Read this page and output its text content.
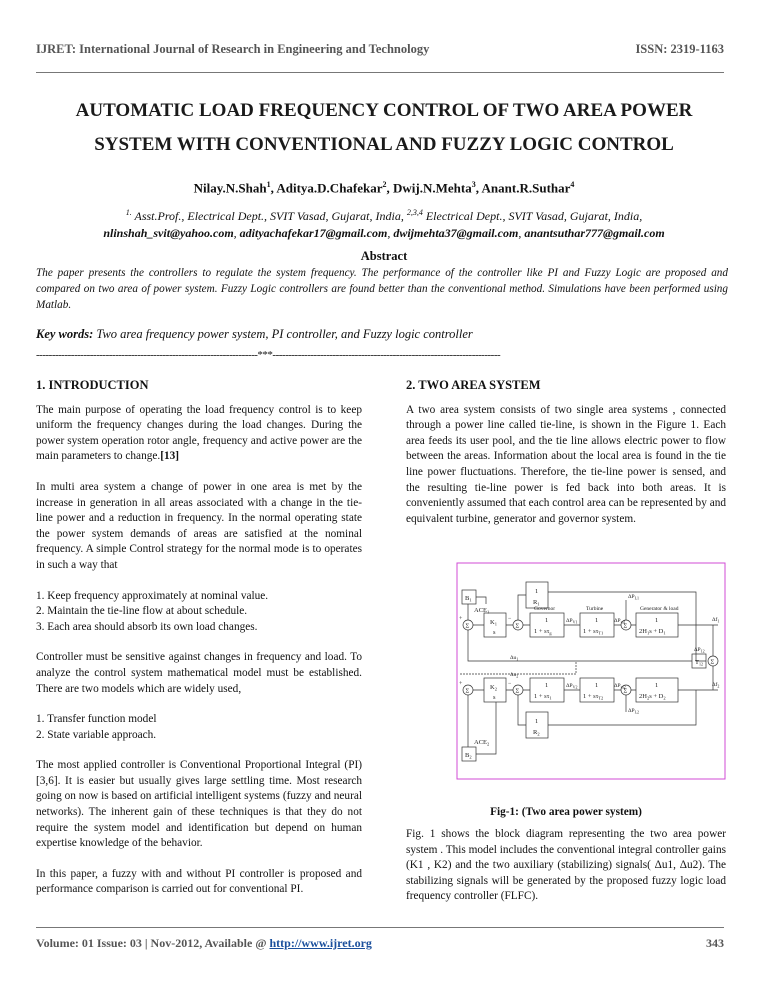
IJRET: International Journal of Research in Engineering and Technology	ISSN: 2319-1163
AUTOMATIC LOAD FREQUENCY CONTROL OF TWO AREA POWER
SYSTEM WITH CONVENTIONAL AND FUZZY LOGIC CONTROL
Nilay.N.Shah$^1$, Aditya.D.Chafekar$^2$, Dwij.N.Mehta$^3$, Anant.R.Suthar$^4$
$^{1.}$ Asst.Prof., Electrical Dept., SVIT Vasad, Gujarat, India, $^{2,3,4}$ Electrical Dept., SVIT Vasad, Gujarat, India,
nlinshah_svit@yahoo.com, adityachafekar17@gmail.com, dwijmehta37@gmail.com, anantsuthar777@gmail.com
Abstract
The paper presents the controllers to regulate the system frequency. The performance of the controller like PI and Fuzzy Logic are proposed and compared on two area of power system. Fuzzy Logic controllers are found better than the conventional method. Simulations have been performed using Matlab.
Key words: Two area frequency power system, PI controller, and Fuzzy logic controller
----------------------------------------------------------------------***------------------------------------------------------------------------
1. INTRODUCTION

The main purpose of operating the load frequency control is to keep uniform the frequency changes during the load changes. During the power system operation rotor angle, frequency and active power are the main parameters to change.[13]

In multi area system a change of power in one area is met by the increase in generation in all areas associated with a change in the tie-line power and a reduction in frequency. In the normal operating state the power system demands of areas are satisfied at the nominal frequency. A simple Control strategy for the normal mode is to operates in such a way that

1. Keep frequency approximately at nominal value.
2. Maintain the tie-line flow at about schedule.
3. Each area should absorb its own load changes.

Controller must be sensitive against changes in frequency and load. To analyze the control system mathematical model must be established. There are two models which are widely used,

1. Transfer function model
2. State variable approach.

The most applied controller is Conventional Proportional Integral (PI) [3,6]. It is easier but usually gives large settling time. Most research going on now is based on artificial intelligent systems (fuzzy and neural networks). The inherent gain of these techniques is that they do not require the system model and identification but depend on human expertise knowledge of the behavior.

In this paper, a fuzzy with and without PI controller is proposed and performance comparison is carried out for conventional PI.

2. TWO AREA SYSTEM

A two area system consists of two single area systems , connected through a power line called tie-line, is shown in the Figure 1. Each area feeds its user pool, and the tie line allows electric power to flow between the areas. Information about the local area is found in the tie line power fluctuations. Therefore, the tie-line power is sensed, and the resulting tie-line power is fed back into both areas. It is conveniently assumed that each control area can be represented by and equivalent turbine, generator and governor system.

$B_1$
$B_2$
$ACE_1$
$ACE_2$
Σ	Σ	Σ
Σ
Σ	Σ	Σ
$K_1$
s
$K_2$
s
1
$R_1$
1
$R_2$
Governor	Turbine	Generator & load
1
$1 + s\tau_g$
1
$1 + s\tau_1$
1
$1 + s\tau_{T1}$
1
$1 + s\tau_{T2}$
1
$2H_1s + D_1$
1
$2H_2s + D_2$
$\Delta P_{L1}$
$\Delta P_{L2}$
$\Delta P_{V1}$
$\Delta P_{V2}$
$\Delta P_{m1}$
$\Delta P_{m2}$
$\Delta f_1$
$\Delta f_2$
$\Delta P_{12}$
$T_{12}$
$\Delta u_1$
$\Delta u_2$
+
+
−
−
Fig-1: (Two area power system)
Fig. 1 shows the block diagram representing the two area power system . This model includes the conventional integral controller gains (K1 , K2) and the two auxiliary (stabilizing) signals( Δu1, Δu2). The stabilizing signals will be generated by the proposed fuzzy logic load frequency controller (FLFC).
Volume: 01 Issue: 03 | Nov-2012, Available @ http://www.ijret.org	343
